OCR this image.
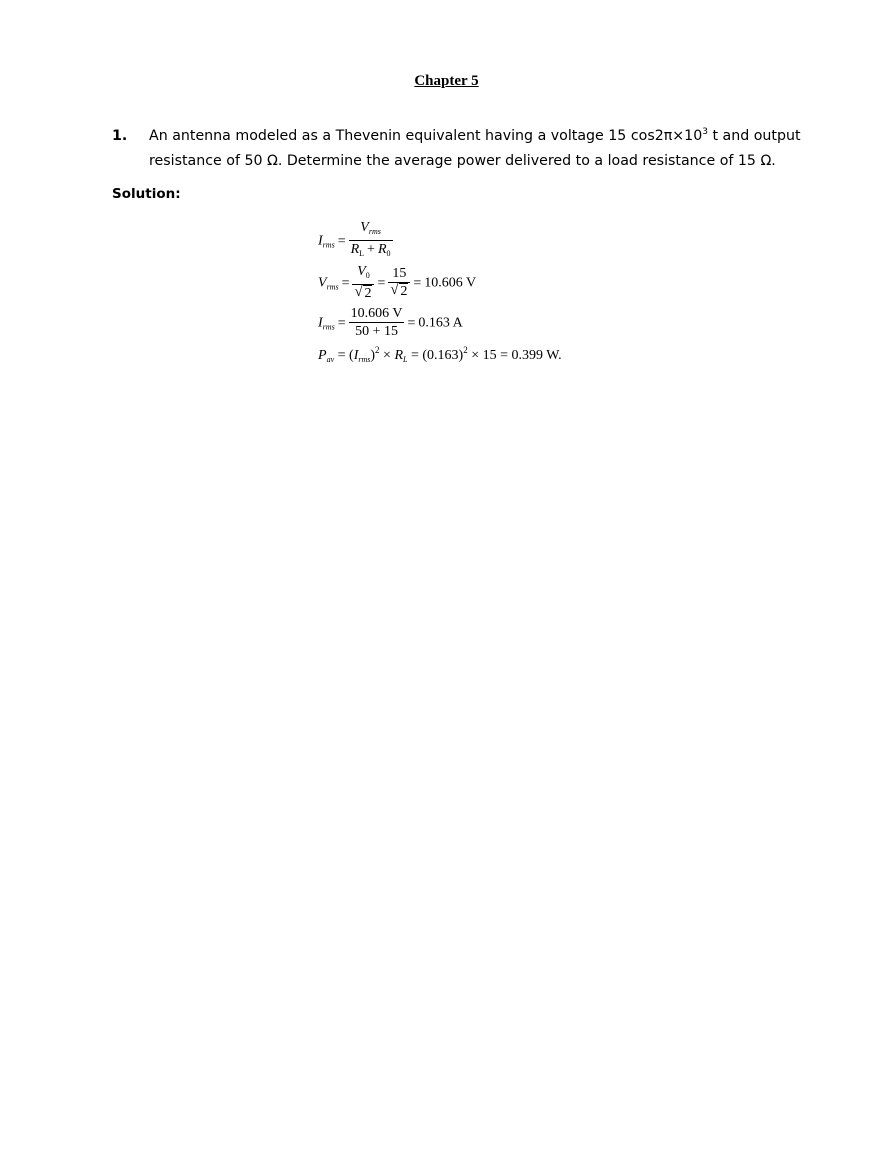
Chapter 5
1. An antenna modeled as a Thevenin equivalent having a voltage 15 $\cos 2\pi\times 10^3$ t and output
resistance of 50 Ω. Determine the average power delivered to a load resistance of 15 Ω.
Solution:
$I_{rms} = \frac{V_{rms}}{R_L + R_0}$
$V_{rms} = \frac{V_0}{√ 2} = \frac{15}{√ 2} = 10.606$ V
$I_{rms} = \frac{10.606 V}{50 + 15} = 0.163$ A
$P_{av} = (I_{rms})^2 \times R_L = (0.163)^2 \times 15 = 0.399$ W.
